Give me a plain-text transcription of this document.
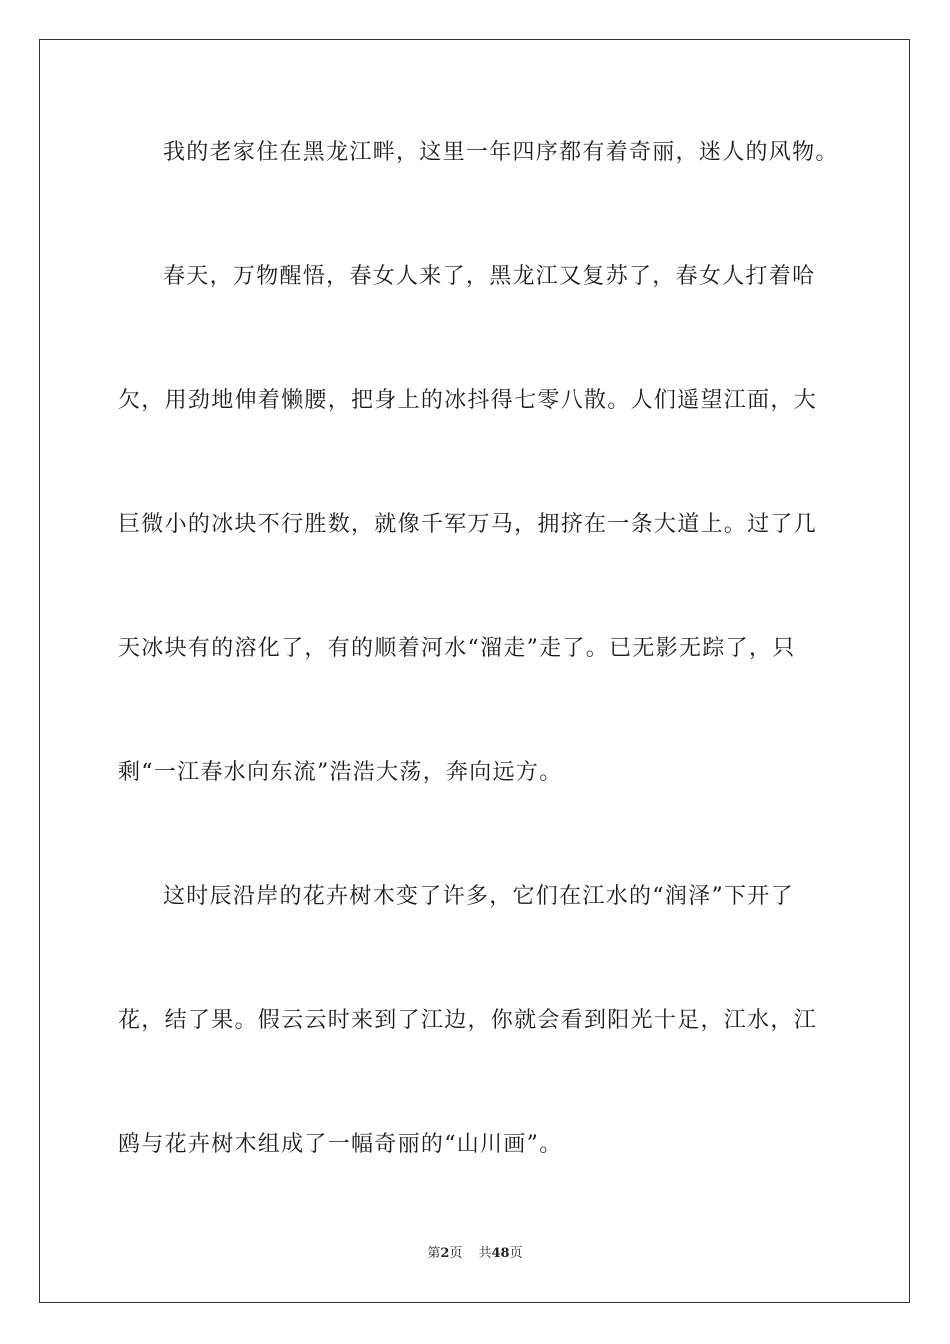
我的老家住在黑龙江畔，这里一年四序都有着奇丽，迷人的风物。
春天，万物醒悟，春女人来了，黑龙江又复苏了，春女人打着哈
欠，用劲地伸着懒腰，把身上的冰抖得七零八散。人们遥望江面，大
巨微小的冰块不行胜数，就像千军万马，拥挤在一条大道上。过了几
天冰块有的溶化了，有的顺着河水“溜走”走了。已无影无踪了，只
剩“一江春水向东流”浩浩大荡，奔向远方。
这时辰沿岸的花卉树木变了许多，它们在江水的“润泽”下开了
花，结了果。假云云时来到了江边，你就会看到阳光十足，江水，江
鸥与花卉树木组成了一幅奇丽的“山川画”。
第2页 共48页
